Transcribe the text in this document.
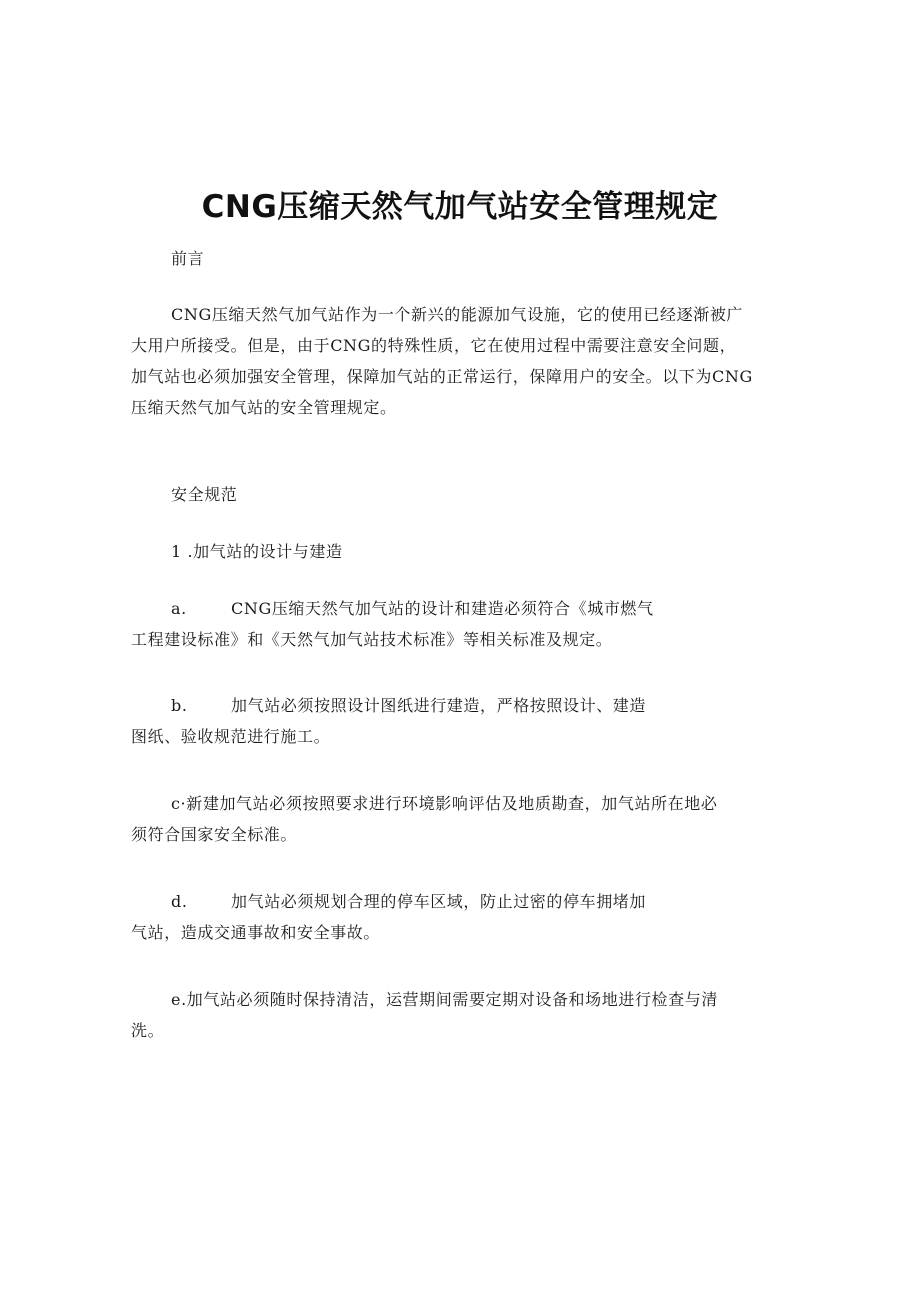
CNG压缩天然气加气站安全管理规定
前言
CNG压缩天然气加气站作为一个新兴的能源加气设施，它的使用已经逐渐被广
大用户所接受。但是，由于CNG的特殊性质，它在使用过程中需要注意安全问题，
加气站也必须加强安全管理，保障加气站的正常运行，保障用户的安全。以下为CNG
压缩天然气加气站的安全管理规定。
安全规范
1 .加气站的设计与建造
a.	CNG压缩天然气加气站的设计和建造必须符合《城市燃气
工程建设标准》和《天然气加气站技术标准》等相关标准及规定。
b.	加气站必须按照设计图纸进行建造，严格按照设计、建造
图纸、验收规范进行施工。
c·新建加气站必须按照要求进行环境影响评估及地质勘查，加气站所在地必
须符合国家安全标准。
d.	加气站必须规划合理的停车区域，防止过密的停车拥堵加
气站，造成交通事故和安全事故。
e.加气站必须随时保持清洁，运营期间需要定期对设备和场地进行检查与清
洗。
